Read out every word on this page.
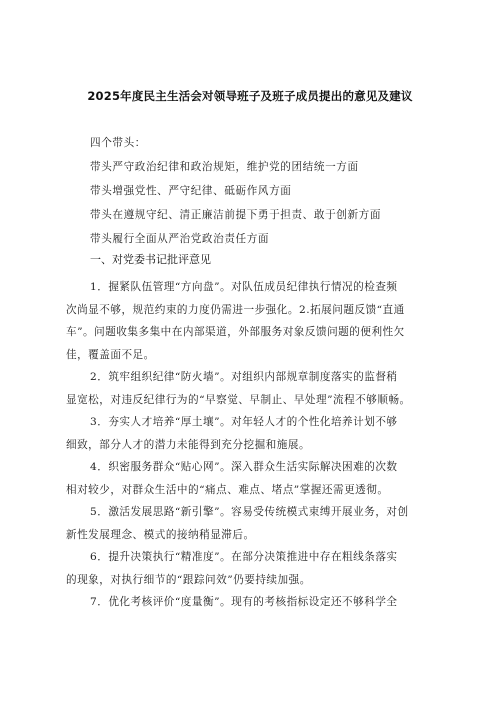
2025年度民主生活会对领导班子及班子成员提出的意见及建议
四个带头：
带头严守政治纪律和政治规矩，维护党的团结统一方面
带头增强党性、严守纪律、砥砺作风方面
带头在遵规守纪、清正廉洁前提下勇于担责、敢于创新方面
带头履行全面从严治党政治责任方面
一、对党委书记批评意见

1．握紧队伍管理“方向盘”。对队伍成员纪律执行情况的检查频
次尚显不够，规范约束的力度仍需进一步强化。2.拓展问题反馈“直通
车”。问题收集多集中在内部渠道，外部服务对象反馈问题的便利性欠
佳，覆盖面不足。

2．筑牢组织纪律“防火墙”。对组织内部规章制度落实的监督稍
显宽松，对违反纪律行为的“早察觉、早制止、早处理”流程不够顺畅。

3．夯实人才培养“厚土壤”。对年轻人才的个性化培养计划不够
细致，部分人才的潜力未能得到充分挖掘和施展。

4．织密服务群众“贴心网”。深入群众生活实际解决困难的次数
相对较少，对群众生活中的“痛点、难点、堵点”掌握还需更透彻。

5．激活发展思路“新引擎”。容易受传统模式束缚开展业务，对创
新性发展理念、模式的接纳稍显滞后。

6．提升决策执行“精准度”。在部分决策推进中存在粗线条落实
的现象，对执行细节的“跟踪问效”仍要持续加强。

7．优化考核评价“度量衡”。现有的考核指标设定还不够科学全
